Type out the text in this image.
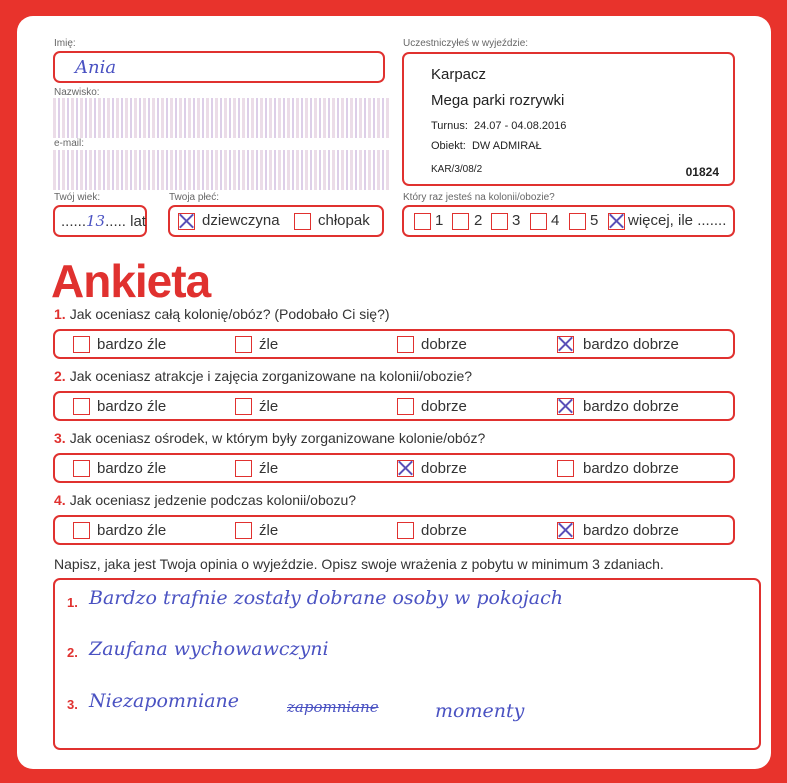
Imię:
Ania
Nazwisko:
e-mail:
Twój wiek:
......13..... lat
Twoja płeć:
dziewczyna	chłopak
Uczestniczyłeś w wyjeździe:
Karpacz
Mega parki rozrywki
Turnus:  24.07 - 04.08.2016
Obiekt:  DW ADMIRAŁ
KAR/3/08/2	01824
Który raz jesteś na kolonii/obozie?
1 2 3 4 5 więcej, ile .......
Ankieta
1. Jak oceniasz całą kolonię/obóz? (Podobało Ci się?)
bardzo źle	źle	dobrze	bardzo dobrze
2. Jak oceniasz atrakcje i zajęcia zorganizowane na kolonii/obozie?
bardzo źle	źle	dobrze	bardzo dobrze
3. Jak oceniasz ośrodek, w którym były zorganizowane kolonie/obóz?
bardzo źle	źle	dobrze	bardzo dobrze
4. Jak oceniasz jedzenie podczas kolonii/obozu?
bardzo źle	źle	dobrze	bardzo dobrze
Napisz, jaka jest Twoja opinia o wyjeździe. Opisz swoje wrażenia z pobytu w minimum 3 zdaniach.
1. Bardzo trafnie zostały dobrane osoby w pokojach
2. Zaufana wychowawczyni
3. Niezapomniane	zapomniane	momenty
